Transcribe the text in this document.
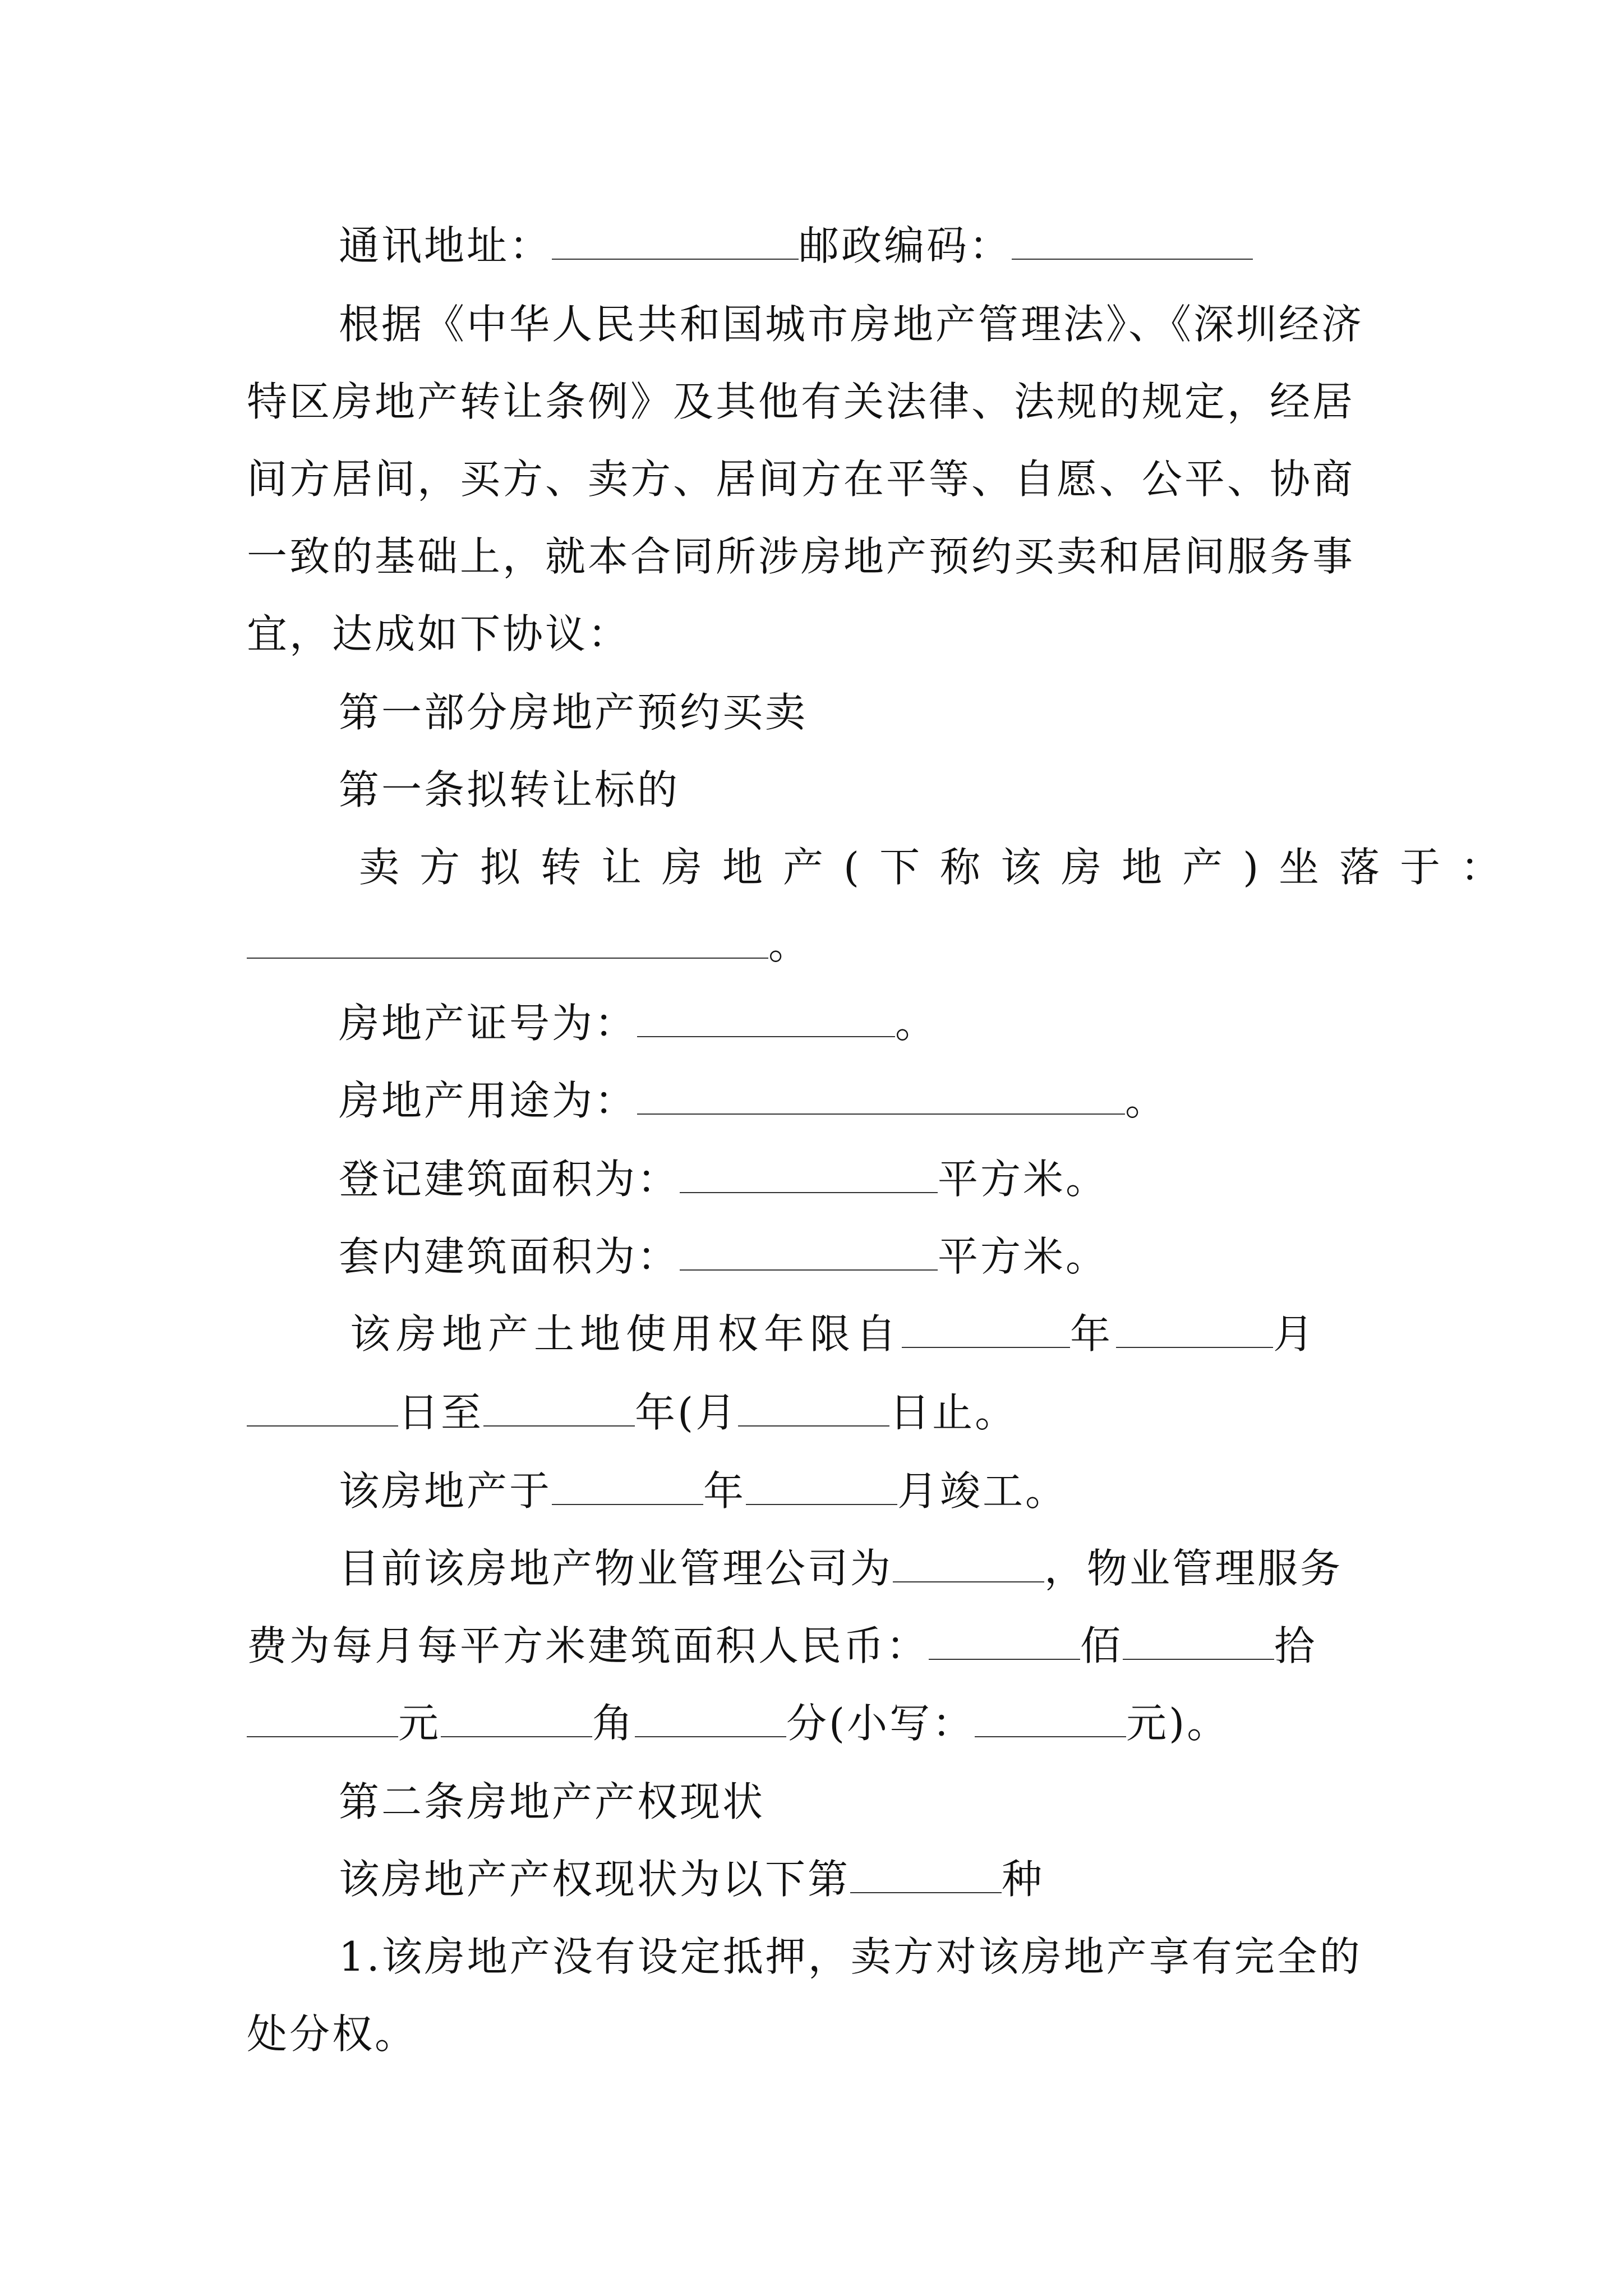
通讯地址：	邮政编码：
根据《中华人民共和国城市房地产管理法》、《深圳经济
特区房地产转让条例》及其他有关法律、法规的规定，经居
间方居间，买方、卖方、居间方在平等、自愿、公平、协商
一致的基础上，就本合同所涉房地产预约买卖和居间服务事
宜，达成如下协议：
第一部分房地产预约买卖
第一条拟转让标的
卖方拟转让房地产(下称该房地产)坐落于：
。
房地产证号为：	。
房地产用途为：	。
登记建筑面积为：	平方米。
套内建筑面积为：	平方米。
该房地产土地使用权年限自	年	月
日至	年(月	日止。
该房地产于	年	月竣工。
目前该房地产物业管理公司为	，物业管理服务
费为每月每平方米建筑面积人民币：	佰	拾
元	角	分(小写：	元)。
第二条房地产产权现状
该房地产产权现状为以下第	种
1.该房地产没有设定抵押，卖方对该房地产享有完全的
处分权。
